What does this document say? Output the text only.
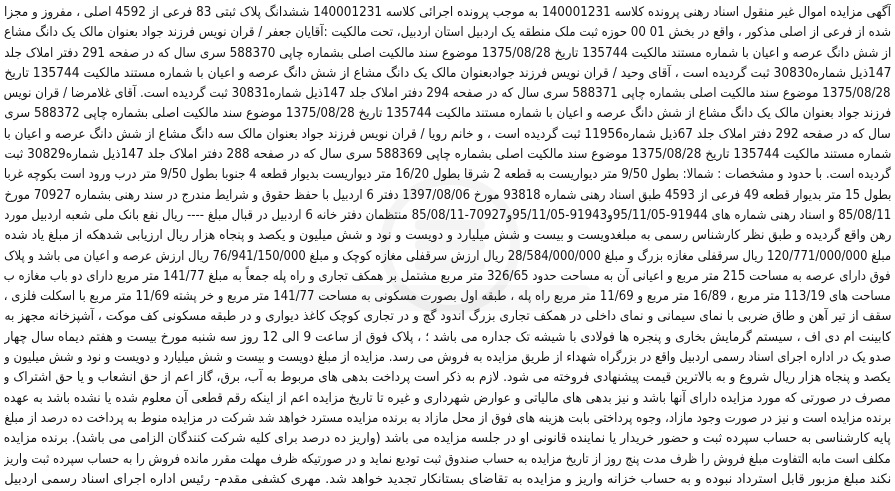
آگهی مزایده اموال غیر منقول اسناد رهنی پرونده کلاسه 140001231 به موجب پرونده اجرائی کلاسه 140001231 ششدانگ پلاک ثبتی 83 فرعی از 4592 اصلی ، مفروز و مجزا
شده از فرعی از اصلی مذکور ، واقع در بخش 01 00 حوزه ثبت ملک منطقه یک اردبیل استان اردبیل، تحت مالکیت :آقایان جعفر / قران نویس فرزند جواد بعنوان مالک یک دانگ مشاع
از شش دانگ عرصه و اعیان با شماره مستند مالکیت 135744 تاریخ 1375/08/28 موضوع سند مالکیت اصلی بشماره چاپی 588370 سری سال که در صفحه 291 دفتر املاک جلد
147ذیل شماره30830 ثبت گردیده است ، آقای وحید / قران نویس فرزند جوادبعنوان مالک یک دانگ مشاع از شش دانگ عرصه و اعیان با شماره مستند مالکیت 135744 تاریخ
1375/08/28 موضوع سند مالکیت اصلی بشماره چاپی 588371 سری سال که در صفحه 294 دفتر املاک جلد 147ذیل شماره30831 ثبت گردیده است. آقای غلامرضا / قران نویس
فرزند جواد بعنوان مالک یک دانگ مشاع از شش دانگ عرصه و اعیان با شماره مستند مالکیت 135744 تاریخ 1375/08/28 موضوع سند مالکیت اصلی بشماره چاپی 588372 سری
سال که در صفحه 292 دفتر املاک جلد 67ذیل شماره11956 ثبت گردیده است ، و خانم رویا / قران نویس فرزند جواد بعنوان مالک سه دانگ مشاع از شش دانگ عرصه و اعیان با
شماره مستند مالکیت 135744 تاریخ 1375/08/28 موضوع سند مالکیت اصلی بشماره چاپی 588369 سری سال که در صفحه 288 دفتر املاک جلد 147ذیل شماره30829 ثبت
گردیده است. با حدود و مشخصات : شمالا: بطول 9/50 متر دیواریست به قطعه 2 شرقا بطول 16/20 متر دیواریست بدیوار قطعه 4 جنوبا بطول 9/50 متر درب ورود است بکوچه غربا
بطول 15 متر بدیوار قطعه 49 فرعی از 4593 طبق اسناد رهنی شماره 93818 مورخ 1397/08/06 دفتر 6 اردبیل با حفظ حقوق و شرایط مندرج در سند رهنی بشماره 70927 مورخ
85/08/11 و اسناد رهنی شماره های 91944-95/11/05و91943-95/11/05و70927-85/08/11 منتظمان دفتر خانه 6 اردبیل در قبال مبلغ ---- ریال نفع بانک ملی شعبه اردبیل مورد
رهن واقع گردیده و طبق نظر کارشناس رسمی به مبلغدویست و بیست و شش میلیارد و دویست و نود و شش میلیون و یکصد و پنجاه هزار ریال ارزیابی شدهکه از مبلغ یاد شده
مبلغ 120/771/000/000 ریال سرقفلی مغازه بزرگ و مبلغ 28/584/000/000 ریال ارزش سرقفلی مغازه کوچک و مبلغ 76/941/150/000 ریال ارزش عرصه و اعیان می باشد و پلاک
فوق دارای عرصه به مساحت 215 متر مربع و اعیانی آن به مساحت حدود 326/65 متر مربع مشتمل بر همکف تجاری و راه پله جمعاً به مبلغ 141/77 متر مربع دارای دو باب مغازه ب
مساحت های 113/19 متر مربع ، 16/89 متر مربع و 11/69 متر مربع راه پله ، طبقه اول بصورت مسکونی به مساحت 141/77 متر مربع و خر پشته 11/69 متر مربع با اسکلت فلزی ،
سقف از تیر آهن و طاق ضربی با نمای سیمانی و نمای داخلی در همکف تجاری بزرگ اندود گچ و در تجاری کوچک کاغذ دیواری و در طبقه مسکونی کف موکت ، آشپزخانه مجهز به
کابینت ام دی اف ، سیستم گرمایش بخاری و پنجره ها فولادی با شیشه تک جداره می باشد ؛ ، پلاک فوق از ساعت 9 الی 12 روز سه شنبه مورخ بیست و هفتم دیماه سال چهار
صدو یک در اداره اجرای اسناد رسمی اردبیل واقع در بزرگراه شهداء از طریق مزایده به فروش می رسد. مزایده از مبلغ دویست و بیست و شش میلیارد و دویست و نود و شش میلیون و
یکصد و پنجاه هزار ریال شروع و به بالاترین قیمت پیشنهادی فروخته می شود. لازم به ذکر است پرداخت بدهی های مربوط به آب، برق، گاز اعم از حق انشعاب و یا حق اشتراک و
مصرف در صورتی که مورد مزایده دارای آنها باشد و نیز بدهی های مالیاتی و عوارض شهرداری و غیره تا تاریخ مزایده اعم از اینکه رقم قطعی آن معلوم شده یا نشده باشد به عهده
برنده مزایده است و نیز در صورت وجود مازاد، وجوه پرداختی بابت هزینه های فوق از محل مازاد به برنده مزایده مسترد خواهد شد شرکت در مزایده منوط به پرداخت ده درصد از مبلغ
پایه کارشناسی به حساب سپرده ثبت و حضور خریدار یا نماینده قانونی او در جلسه مزایده می باشد (واریز ده درصد برای کلیه شرکت کنندگان الزامی می باشد). برنده مزایده
مکلف است مابه التفاوت مبلغ فروش را ظرف مدت پنج روز از تاریخ مزایده به حساب صندوق ثبت تودیع نماید و در صورتیکه ظرف مهلت مقرر مانده فروش را به حساب سپرده ثبت واریز
نکند مبلغ مزبور قابل استرداد نبوده و به حساب خزانه واریز و مزایده به تقاضای بستانکار تجدید خواهد شد. مهری کشفی مقدم- رئیس اداره اجرای اسناد رسمی اردبیل
